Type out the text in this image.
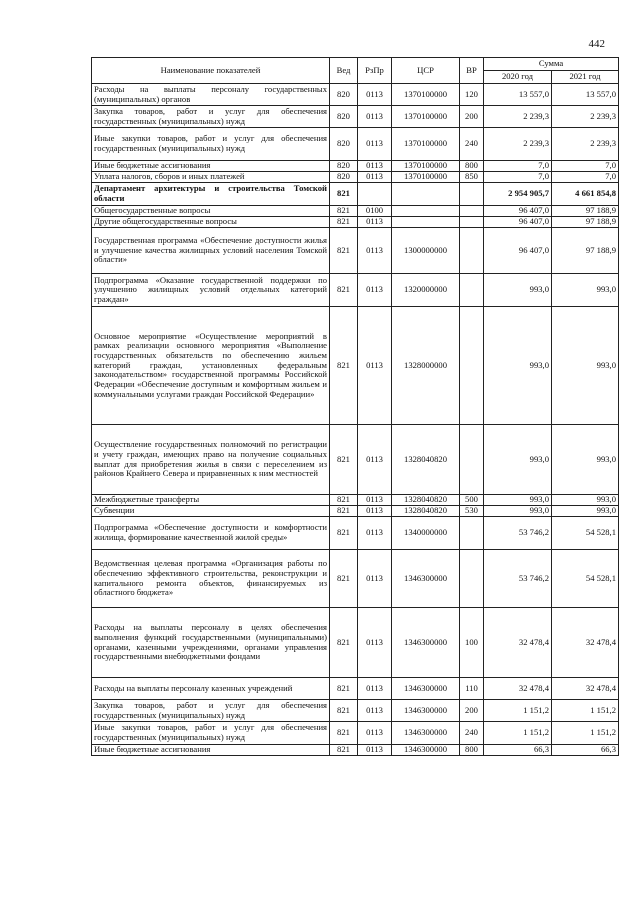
442
Наименование показателей	Вед	РзПр	ЦСР	ВР	Сумма	
					2020 год	2021 год
Расходы на выплаты персоналу государственных (муниципальных) органов	820	0113	1370100000	120	13 557,0	13 557,0
Закупка товаров, работ и услуг для обеспечения государственных (муниципальных) нужд	820	0113	1370100000	200	2 239,3	2 239,3
Иные закупки товаров, работ и услуг для обеспечения государственных (муниципальных) нужд	820	0113	1370100000	240	2 239,3	2 239,3
Иные бюджетные ассигнования	820	0113	1370100000	800	7,0	7,0
Уплата налогов, сборов и иных платежей	820	0113	1370100000	850	7,0	7,0
Департамент архитектуры и строительства Томской области	821				2 954 905,7	4 661 854,8
Общегосударственные вопросы	821	0100			96 407,0	97 188,9
Другие общегосударственные вопросы	821	0113			96 407,0	97 188,9
Государственная программа «Обеспечение доступности жилья и улучшение качества жилищных условий населения Томской области»	821	0113	1300000000		96 407,0	97 188,9
Подпрограмма «Оказание государственной поддержки по улучшению жилищных условий отдельных категорий граждан»	821	0113	1320000000		993,0	993,0
Основное мероприятие «Осуществление мероприятий в рамках реализации основного мероприятия «Выполнение государственных обязательств по обеспечению жильем категорий граждан, установленных федеральным законодательством» государственной программы Российской Федерации «Обеспечение доступным и комфортным жильем и коммунальными услугами граждан Российской Федерации»	821	0113	1328000000		993,0	993,0
Осуществление государственных полномочий по регистрации и учету граждан, имеющих право на получение социальных выплат для приобретения жилья в связи с переселением из районов Крайнего Севера и приравненных к ним местностей	821	0113	1328040820		993,0	993,0
Межбюджетные трансферты	821	0113	1328040820	500	993,0	993,0
Субвенции	821	0113	1328040820	530	993,0	993,0
Подпрограмма «Обеспечение доступности и комфортности жилища, формирование качественной жилой среды»	821	0113	1340000000		53 746,2	54 528,1
Ведомственная целевая программа «Организация работы по обеспечению эффективного строительства, реконструкции и капитального ремонта объектов, финансируемых из областного бюджета»	821	0113	1346300000		53 746,2	54 528,1
Расходы на выплаты персоналу в целях обеспечения выполнения функций государственными (муниципальными) органами, казенными учреждениями, органами управления государственными внебюджетными фондами	821	0113	1346300000	100	32 478,4	32 478,4
Расходы на выплаты персоналу казенных учреждений	821	0113	1346300000	110	32 478,4	32 478,4
Закупка товаров, работ и услуг для обеспечения государственных (муниципальных) нужд	821	0113	1346300000	200	1 151,2	1 151,2
Иные закупки товаров, работ и услуг для обеспечения государственных (муниципальных) нужд	821	0113	1346300000	240	1 151,2	1 151,2
Иные бюджетные ассигнования	821	0113	1346300000	800	66,3	66,3
